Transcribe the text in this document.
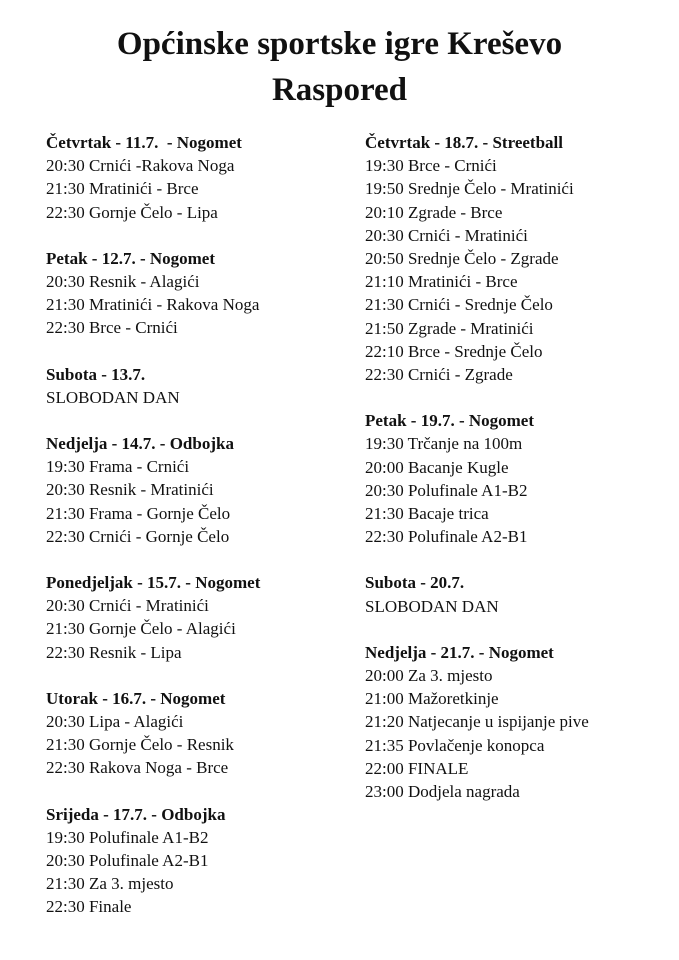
Općinske sportske igre Kreševo
Raspored
Četvrtak - 11.7.  - Nogomet
20:30 Crnići -Rakova Noga
21:30 Mratinići - Brce
22:30 Gornje Čelo - Lipa
Petak - 12.7. - Nogomet
20:30 Resnik - Alagići
21:30 Mratinići - Rakova Noga
22:30 Brce - Crnići
Subota - 13.7.
SLOBODAN DAN
Nedjelja - 14.7. - Odbojka
19:30 Frama - Crnići
20:30 Resnik - Mratinići
21:30 Frama - Gornje Čelo
22:30 Crnići - Gornje Čelo
Ponedjeljak - 15.7. - Nogomet
20:30 Crnići - Mratinići
21:30 Gornje Čelo - Alagići
22:30 Resnik - Lipa
Utorak - 16.7. - Nogomet
20:30 Lipa - Alagići
21:30 Gornje Čelo - Resnik
22:30 Rakova Noga - Brce
Srijeda - 17.7. - Odbojka
19:30 Polufinale A1-B2
20:30 Polufinale A2-B1
21:30 Za 3. mjesto
22:30 Finale
Četvrtak - 18.7. - Streetball
19:30 Brce - Crnići
19:50 Srednje Čelo - Mratinići
20:10 Zgrade - Brce
20:30 Crnići - Mratinići
20:50 Srednje Čelo - Zgrade
21:10 Mratinići - Brce
21:30 Crnići - Srednje Čelo
21:50 Zgrade - Mratinići
22:10 Brce - Srednje Čelo
22:30 Crnići - Zgrade
Petak - 19.7. - Nogomet
19:30 Trčanje na 100m
20:00 Bacanje Kugle
20:30 Polufinale A1-B2
21:30 Bacaje trica
22:30 Polufinale A2-B1
Subota - 20.7.
SLOBODAN DAN
Nedjelja - 21.7. - Nogomet
20:00 Za 3. mjesto
21:00 Mažoretkinje
21:20 Natjecanje u ispijanje pive
21:35 Povlačenje konopca
22:00 FINALE
23:00 Dodjela nagrada
